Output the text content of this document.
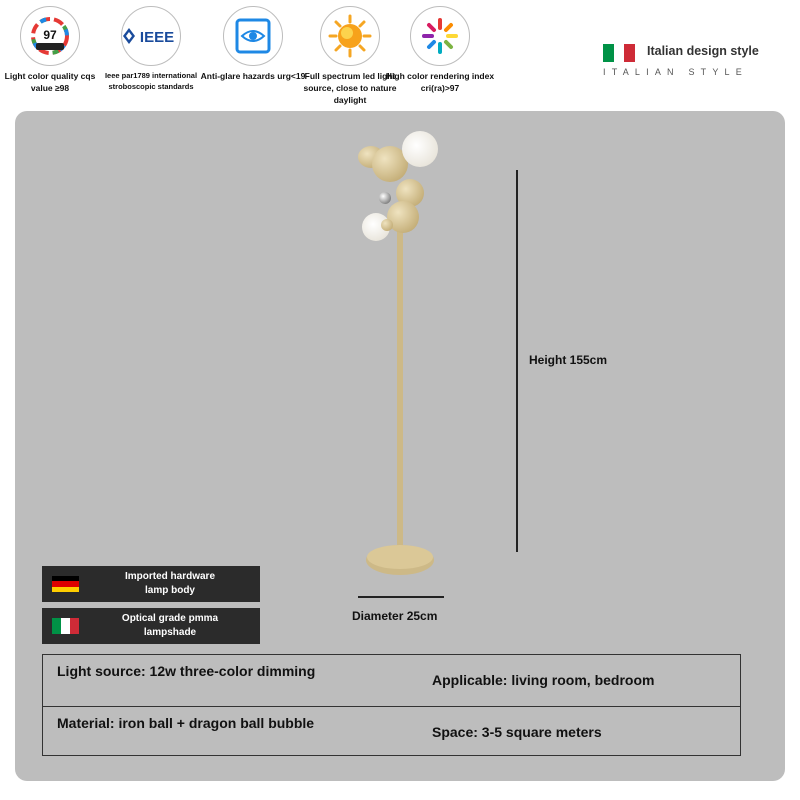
97
Light color quality cqs value ≥98
IEEE
Ieee par1789 international stroboscopic standards
Anti-glare hazards urg<19 Full spectrum led light source, close to nature daylight
High color rendering index cri(ra)>97
Italian design style
ITALIAN STYLE
Height 155cm
Diameter 25cm
Imported hardware
lamp body
Optical grade pmma
lampshade
Light source: 12w three-color dimming
Applicable: living room, bedroom
Material: iron ball + dragon ball bubble
Space: 3-5 square meters
